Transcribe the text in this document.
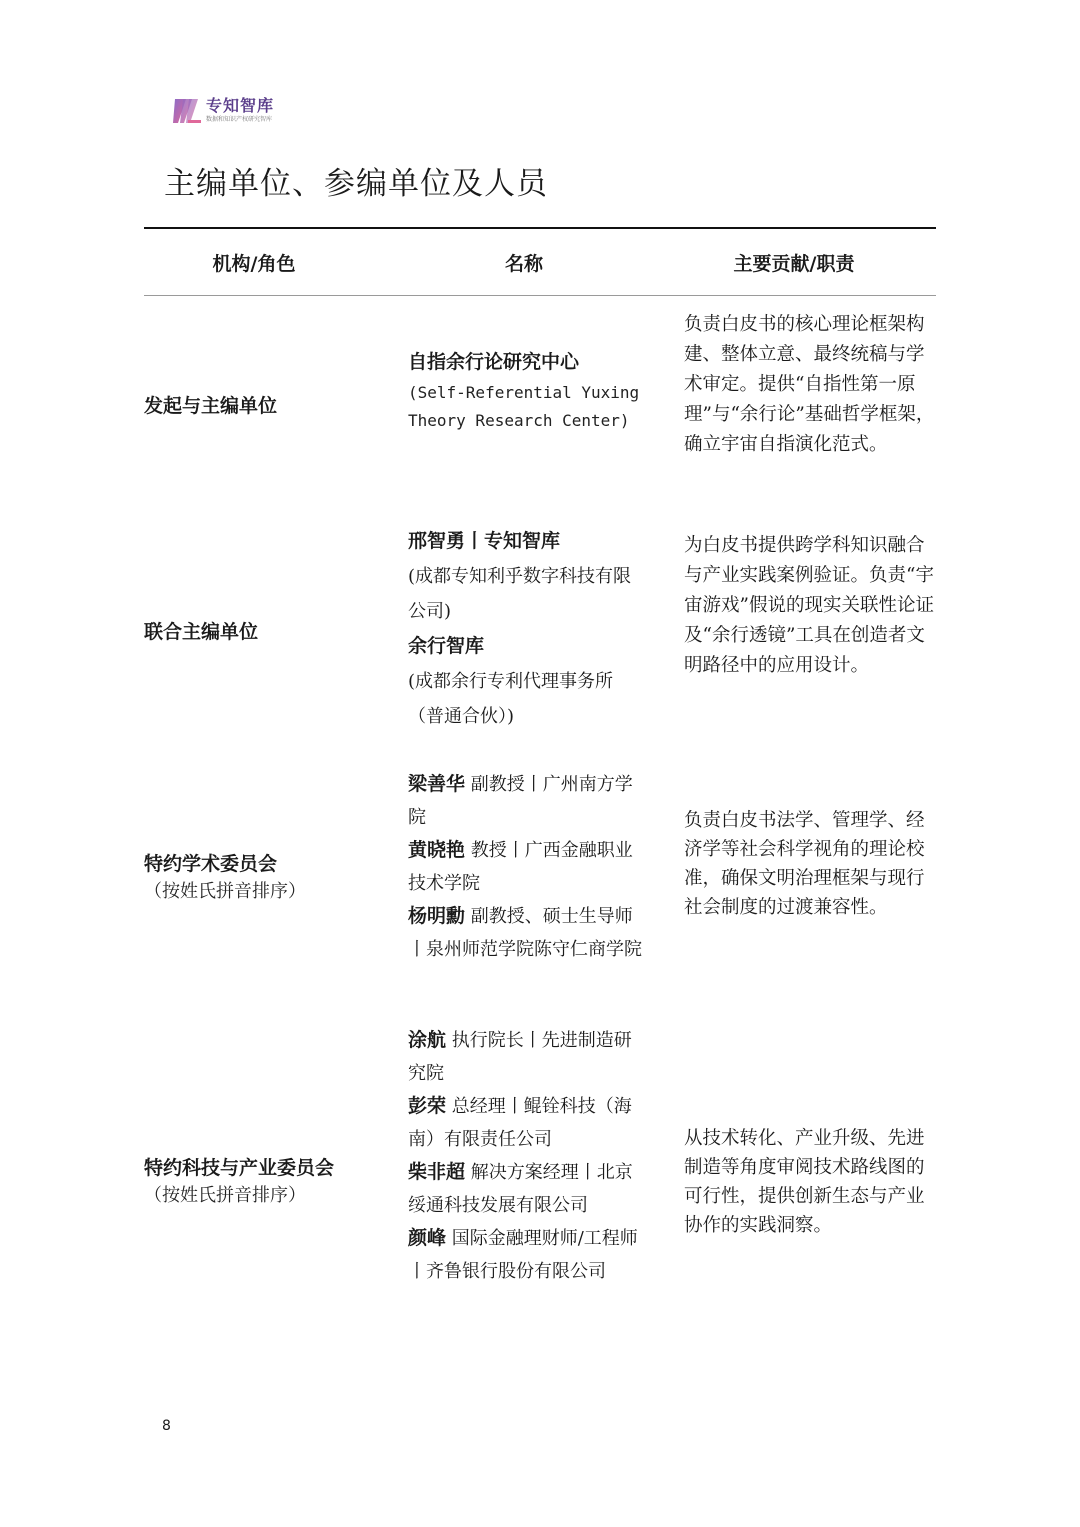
专知智库
数据和知识产权研究智库
主编单位、参编单位及人员
机构/角色	名称	主要贡献/职责
发起与主编单位
自指余行论研究中心
(Self-Referential Yuxing Theory Research Center)

负责白皮书的核心理论框架构建、整体立意、最终统稿与学术审定。提供“自指性第一原理”与“余行论”基础哲学框架，确立宇宙自指演化范式。

联合主编单位
邢智勇丨专知智库
(成都专知利乎数字科技有限公司)
余行智库
(成都余行专利代理事务所（普通合伙）)

为白皮书提供跨学科知识融合与产业实践案例验证。负责“宇宙游戏”假说的现实关联性论证及“余行透镜”工具在创造者文明路径中的应用设计。

特约学术委员会
（按姓氏拼音排序）
梁善华 副教授丨广州南方学院
黄晓艳 教授丨广西金融职业技术学院
杨明勳 副教授、硕士生导师丨泉州师范学院陈守仁商学院

负责白皮书法学、管理学、经济学等社会科学视角的理论校准，确保文明治理框架与现行社会制度的过渡兼容性。

特约科技与产业委员会
（按姓氏拼音排序）
涂航 执行院长丨先进制造研究院
彭荣 总经理丨鲲铨科技（海南）有限责任公司
柴非超 解决方案经理丨北京绥通科技发展有限公司
颜峰 国际金融理财师/工程师丨齐鲁银行股份有限公司

从技术转化、产业升级、先进制造等角度审阅技术路线图的可行性，提供创新生态与产业协作的实践洞察。

8
